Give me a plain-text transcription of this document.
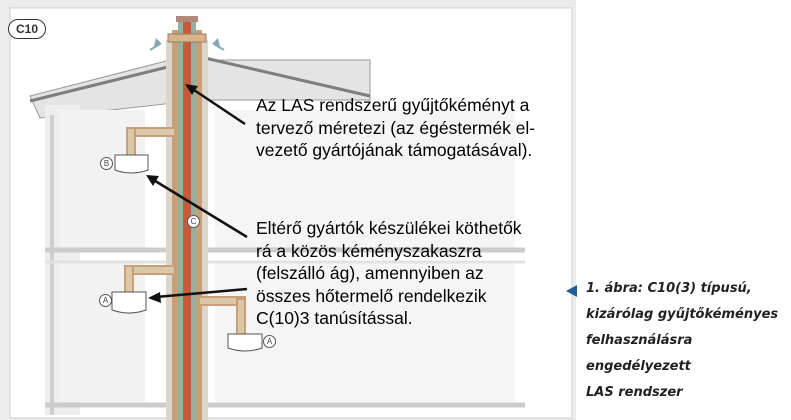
C10
B
C
A
A
Az LAS rendszerű gyűjtőkéményt a
tervező méretezi (az égéstermék el-
vezető gyártójának támogatásával).
Eltérő gyártók készülékei köthetők
rá a közös kéményszakaszra
(felszálló ág), amennyiben az
összes hőtermelő rendelkezik
C(10)3 tanúsítással.
1. ábra: C10(3) típusú,
kizárólag gyűjtőkéményes
felhasználásra
engedélyezett
LAS rendszer
